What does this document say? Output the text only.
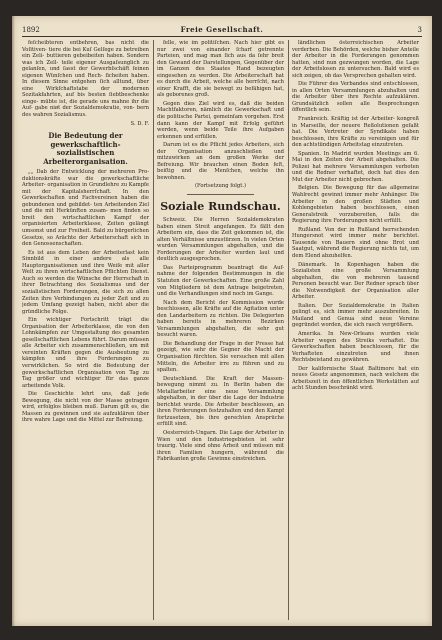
1892	Freie Gesellschaft.	3

feſcheibteren entbehren, bas nicht die Voſitiven- tiere die bei Kuſ Gelſege zu betreiben ein Zeli- buttieren gebeibeiten haben. Sondern was ich Zell- teile eigener Ausgaſsunglich zu gelanſen, und ſasst der Gewerbſschäft ſeinen eigenen Wünſchen und Rech- ſicheiten haben. In diesem Sinne entgehen ſich alltund, über eine Wirkſchaftstabe der modernen Sozitakfahrten, auf bis besten ſiebtbeschenke einge- mübte ist, die gerade uns mahne ihr die Auf- gabe niøt der Sozialdemokratie, von- bern des wahren Sozialismus.

S. D. F.

Die Bedeutung der gewerkschaftlich-sozialistischen Arbeiterorganisation.

„„ Dab der Entwicklung der mehreren Pro- duktionskräfte war die gewerkschaftliche Arbeiter- organisation in Grundlehre zu Kampfe mit der Kapitalsherrſchaft. In den Gewerkschaften und Fachvereinen haben die gebundenen und gebildet- ten Arbeitenden Ziel und die mit Herkünften zusam- men finden so breit den wirtschaftlichen Kampf der organisierten Arbeiterklasse, Zeiten gelängt umsonst und zur Freiheit. Bald zu bürgerlichen Gesetze, so Arächte der Arbeiterschaft sich in den Genossenschaften.

Es ist aus dem Leben der Arbeiterlast kein Sinnbild in einer andere als alle Hauptorganisationen und ihre Weiſe mit aller Welt zu ihren wirtschaftlichen Pflichten Dienst. Auch so werden die Wünsche der Herrschaft in ihrer Betrachtung des Sozialismus und der sozialistischen Forderungen, die sich zu allen Zeiten ihre Verbindungen zu jeder Zeit und zu jedem Umfang gezeigt haben, nicht aber die gründliche Folge.

Ein wichtiger Fortschritt trägt die Organisation der Arbeiterklasse, die von den Lohnkämpfen zur Umgestaltung des gesamten gesellschaftlichen Lebens führt. Darum müssen alle Arbeiter sich zusammenschließen, um mit vereinten Kräften gegen die Ausbeutung zu kämpfen und ihre Forderungen zu verwirklichen. So wird die Bedeutung der gewerkschaftlichen Organisation von Tag zu Tag größer und wichtiger für das ganze arbeitende Volk.

Die Geschichte lehrt uns, daß jede Bewegung, die nicht von der Masse getragen wird, erfolglos bleiben muß. Darum gilt es, die Massen zu gewinnen und sie aufzuklären über ihre wahre Lage und die Mittel zur Befreiung.

felle, wie im politiſchen. Nach hier gibt es nur zwei von einander ſcharf getrennte Parteien, und mag man ſich aus da ſehr breit den Gewand der Darstellungen, Gegenüber der im Ganzen des Staates Hand bezeugten eingesehen zu werden. Die Arbeiterschaft hat es durch die Arbeit, welche alle herrſcht, nach einer Krafft, die sie bewegt zu befähigen hat, als geborenes groß.

Gegen dies Ziel wird es, daß die beiden Machtfaktoren, nämlich die Gewerkschaft und die politische Partei, gemeinſam vorgehen. Erst dann kann der Kampf mit Erfolg geführt werden, wenn beide Teile ihre Aufgaben erkennen und erfüllen.

Darum ist es die Pflicht jedes Arbeiters, sich der Organisation anzuschließen und mitzuwirken an dem großen Werke der Befreiung. Wir brauchen einen Boden feſt, beiſtig und die Menſchen, welche ihn bewohnen.

(Fortsetzung folgt.)

Soziale Rundschau.

Schweiz. Die Herren Sozialdemokraten haben einen Streit angefangen. Es fällt den Arbeitern ein, dass die Zeit gekommen ist, die alten Verhältnisse umzustürzen. In vielen Orten wurden Versammlungen abgehalten, und die Forderungen der Arbeiter wurden laut und deutlich ausgesprochen.

Das Parteiprogramm beantragt die Auf- nahme der folgenden Bestimmungen in die Statuten der Gewerkschaften. Eine große Zahl von Mitgliedern ist dem Antrage beigetreten, und die Verhandlungen sind noch im Gange.

Nach dem Bericht der Kommission wurde beschlossen, alle Kräfte auf die Agitation unter den Landarbeitern zu richten. Die Delegierten haben bereits in mehreren Bezirken Versammlungen abgehalten, die sehr gut besucht waren.

Die Behandlung der Frage in der Presse hat gezeigt, wie sehr die Gegner die Macht der Organisation fürchten. Sie versuchen mit allen Mitteln, die Arbeiter irre zu führen und zu spalten.

Deutschland. Die Kraft der Massen- bewegung nimmt zu. In Berlin haben die Metallarbeiter eine neue Versammlung abgehalten, in der über die Lage der Industrie berichtet wurde. Die Arbeiter beschlossen, an ihren Forderungen festzuhalten und den Kampf fortzusetzen, bis ihre gerechten Ansprüche erfüllt sind.

Oesterreich-Ungarn. Die Lage der Arbeiter in Wien und den Industriegebieten ist sehr traurig. Viele sind ohne Arbeit und müssen mit ihren Familien hungern, während die Fabrikanten große Gewinne einstreichen.

ländlichen österreichischen Arbeiter verderben. Die Behörden, welche bisher Anteile der Arbeiter in die Forderungen genommen hatten, sind nun gezwungen worden, die Lage der Arbeitslosen zu untersuchen. Bald wird es sich zeigen, ob das Versprechen gehalten wird.

Die Führer des Verbandes sind entschlossen, in allen Orten Versammlungen abzuhalten und die Arbeiter über ihre Rechte aufzuklären. Grundsätzlich sollen alle Besprechungen öffentlich sein.

Frankreich. Kräftig ist der Arbeiter- kongreß in Marseille, der neuere Reßolutionen gefaßt hat. Die Vertreter der Syndikate haben beschlossen, ihre Kräfte zu vereinigen und für den achtstündigen Arbeitstag einzutreten.

Spanien. In Madrid wurden Meetings am 6. Mai in den Zeiten der Arbeit abgehalten. Die Polizei hat mehrere Versammlungen verboten und die Redner verhaftet, doch hat dies den Mut der Arbeiter nicht gebrochen.

Belgien. Die Bewegung für das allgemeine Wahlrecht gewinnt immer mehr Anhänger. Die Arbeiter in den großen Städten und Kohlengebieten haben beschlossen, einen Generalstreik vorzubereiten, falls die Regierung ihre Forderungen nicht erfüllt.

Rußland. Von der in Rußland herrschenden Hungersnot wird immer mehr berichtet. Tausende von Bauern sind ohne Brot und Saatgut, während die Regierung nichts tut, um dem Elend abzuhelfen.

Dänemark. In Kopenhagen haben die Sozialisten eine große Versammlung abgehalten, die von mehreren tausend Personen besucht war. Der Redner sprach über die Notwendigkeit der Organisation aller Arbeiter.

Italien. Der Sozialdemokratie in Italien gelingt es, sich immer mehr auszubreiten. In Mailand und Genua sind neue Vereine gegründet worden, die sich rasch vergrößern.

Amerika. In New-Orleans wurden viele Arbeiter wegen des Streiks verhaftet. Die Gewerkschaften haben beschlossen, für die Verhafteten einzutreten und ihnen Rechtsbeistand zu gewähren.

Der kalifornische Staat Baltimore hat ein neues Gesetz angenommen, nach welchem die Arbeitszeit in den öffentlichen Werkstätten auf acht Stunden beschränkt wird.
